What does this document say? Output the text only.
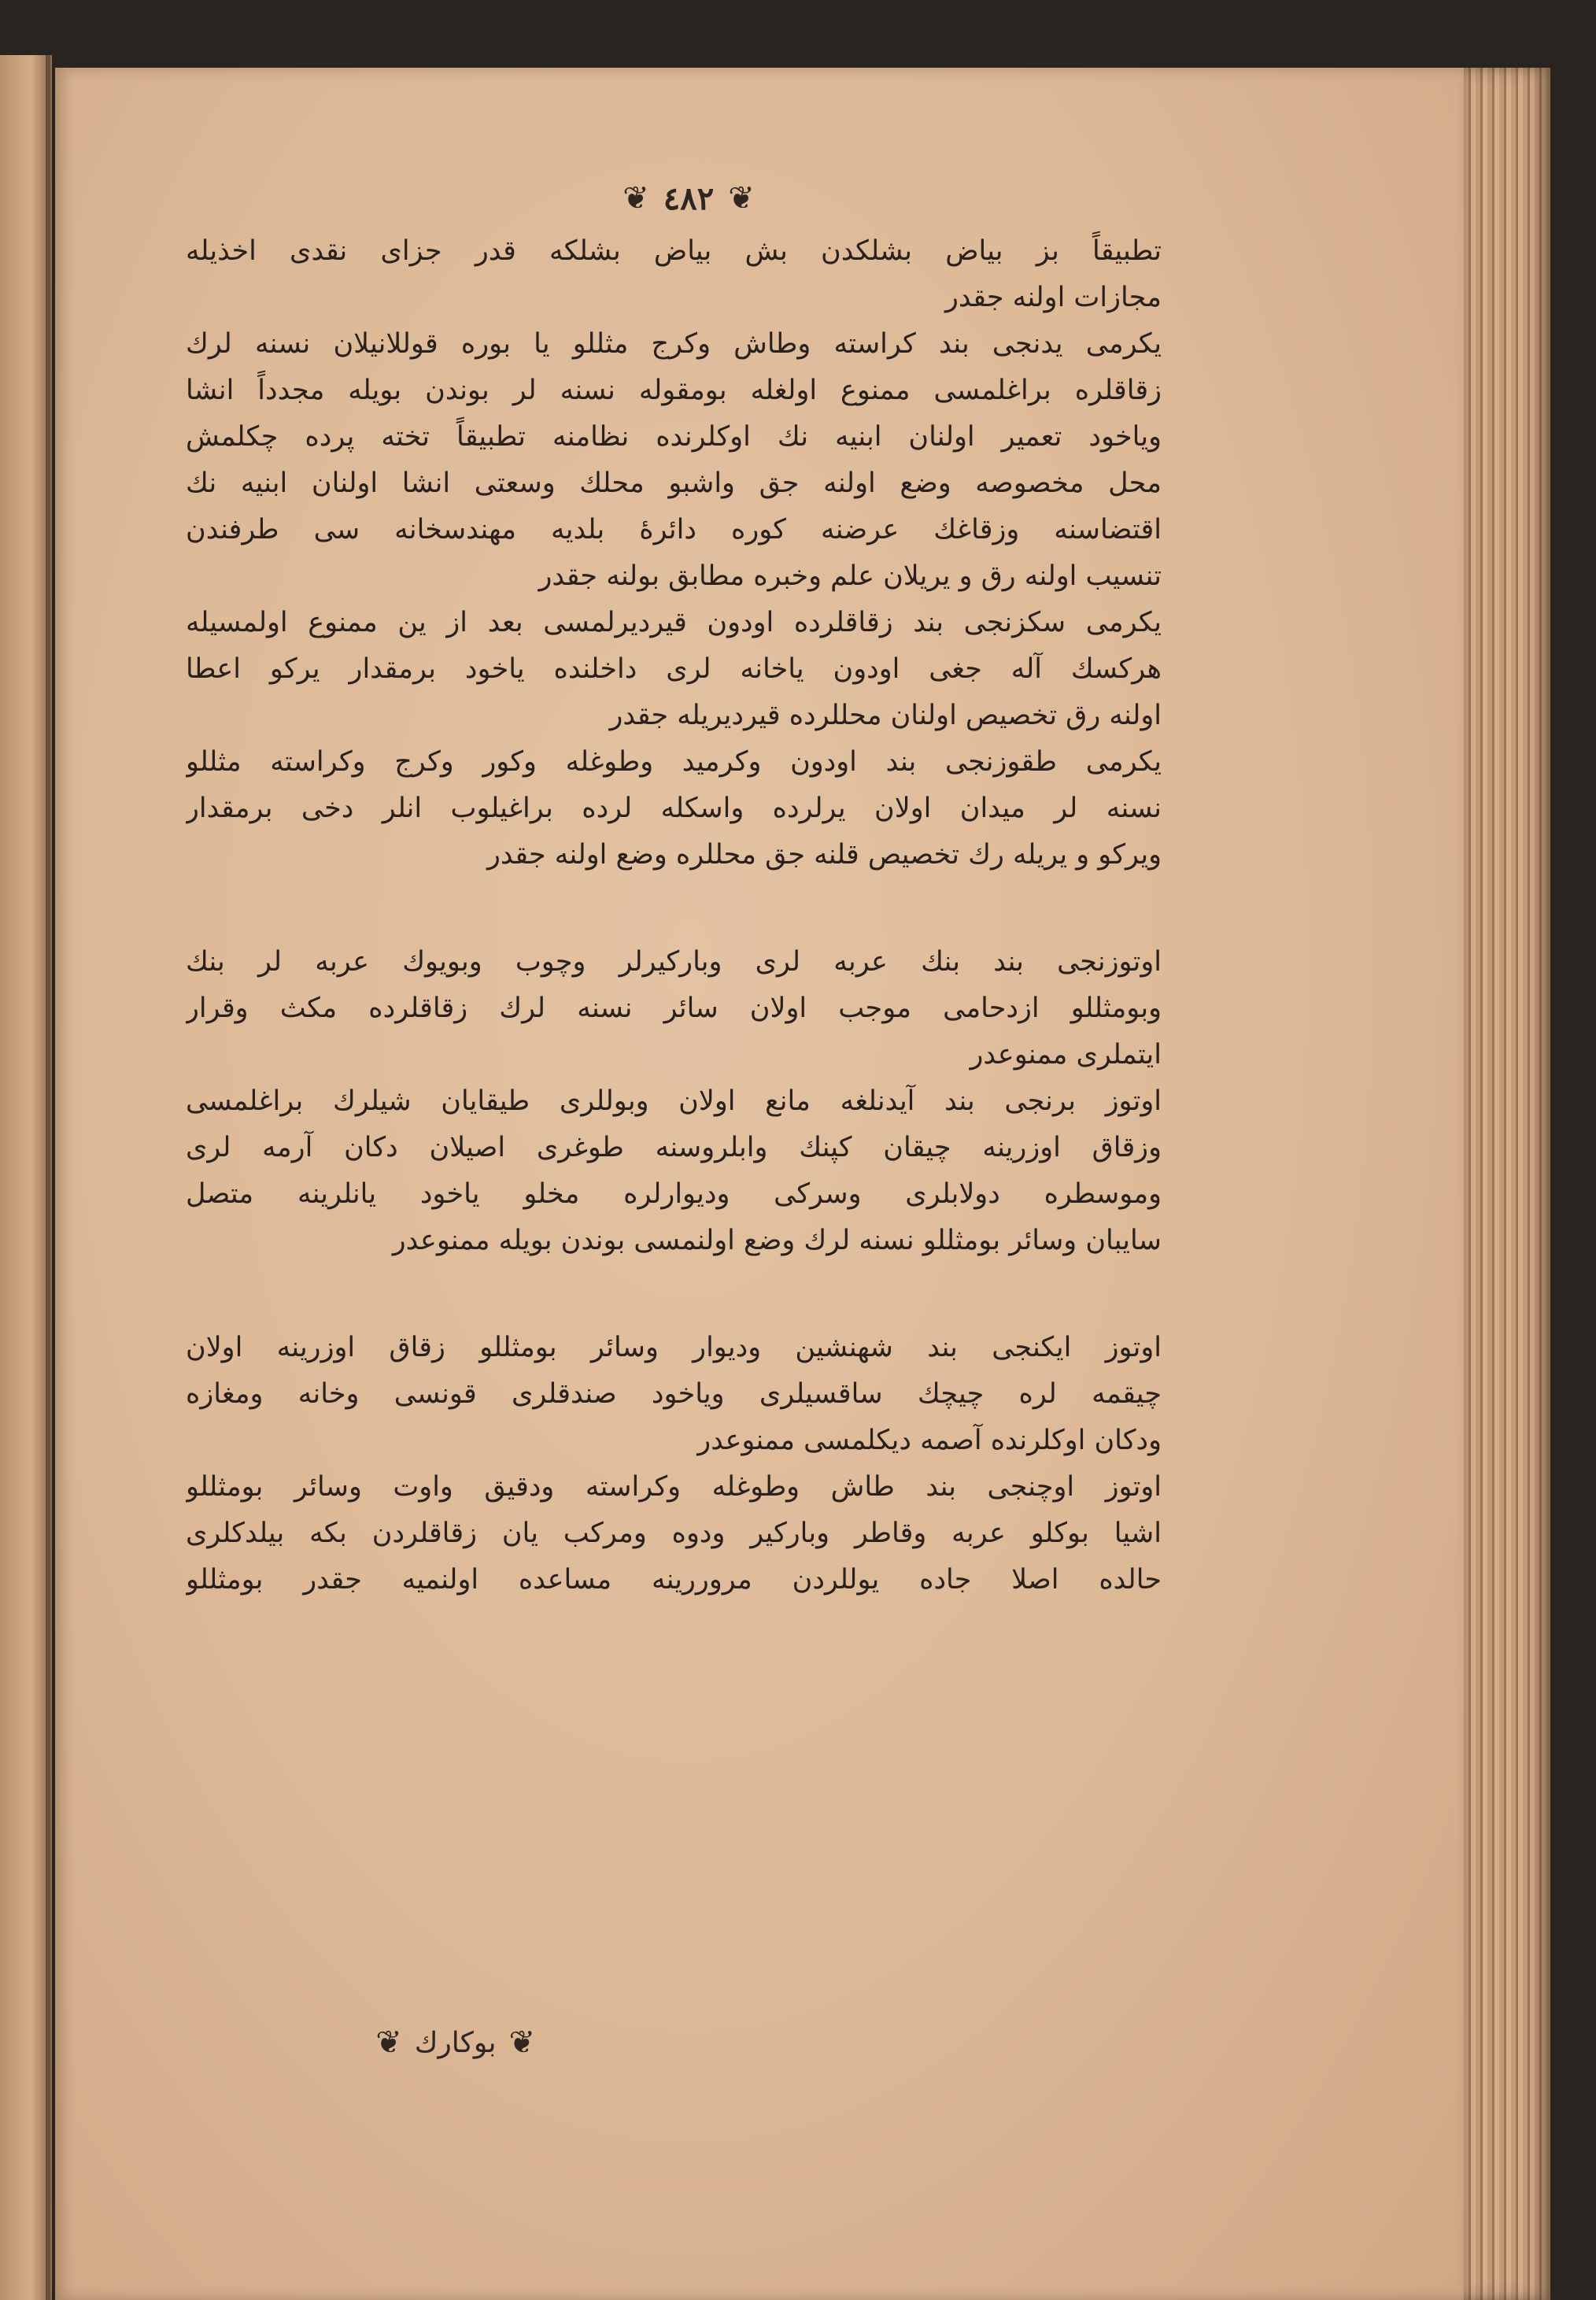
❦
٤٨٢
❦
تطبيقاً بز بياض بشلكدن بش بياض بشلكه قدر جزاى نقدى اخذيله
مجازات اولنه جقدر
يكرمى يدنجى بند كراسته وطاش وكرج مثللو يا بوره قوللانيلان نسنه لرك
زقاقلره براغلمسى ممنوع اولغله بومقوله نسنه لر بوندن بويله مجدداً انشا
وياخود تعمير اولنان ابنيه نك اوكلرنده نظامنه تطبيقاً تخته پرده چكلمش
محل مخصوصه وضع اولنه جق واشبو محلك وسعتى انشا اولنان ابنيه نك
اقتضاسنه وزقاغك عرضنه كوره دائرهٔ بلديه مهندسخانه سى طرفندن
تنسيب اولنه رق و يريلان علم وخبره مطابق بولنه جقدر
يكرمى سكزنجى بند زقاقلرده اودون قيرديرلمسى بعد از ين ممنوع اولمسيله
هركسك آله جغى اودون ياخانه لرى داخلنده ياخود برمقدار يركو اعطا
اولنه رق تخصيص اولنان محللرده قيرديريله جقدر
يكرمى طقوزنجى بند اودون وكرميد وطوغله وكور وكرج وكراسته مثللو
نسنه لر ميدان اولان يرلرده واسكله لرده براغيلوب انلر دخى برمقدار
ويركو و يريله رك تخصيص قلنه جق محللره وضع اولنه جقدر
اوتوزنجى بند بنك عربه لرى وباركيرلر وچوب وبويوك عربه لر بنك
وبومثللو ازدحامى موجب اولان سائر نسنه لرك زقاقلرده مكث وقرار
ايتملرى ممنوعدر
اوتوز برنجى بند آيدنلغه مانع اولان وبوللرى طيقايان شيلرك براغلمسى
وزقاق اوزرينه چيقان كپنك وابلروسنه طوغرى اصيلان دكان آرمه لرى
وموسطره دولابلرى وسركى وديوارلره مخلو ياخود يانلرينه متصل
سايبان وسائر بومثللو نسنه لرك وضع اولنمسى بوندن بويله ممنوعدر
اوتوز ايكنجى بند شهنشين وديوار وسائر بومثللو زقاق اوزرينه اولان
چيقمه لره چيچك ساقسيلرى وياخود صندقلرى قونسى وخانه ومغازه
ودكان اوكلرنده آصمه ديكلمسى ممنوعدر
اوتوز اوچنجى بند طاش وطوغله وكراسته ودقيق واوت وسائر بومثللو
اشيا بوكلو عربه وقاطر وباركير ودوه ومركب يان زقاقلردن بكه بيلدكلرى
حالده اصلا جاده يوللردن مروررينه مساعده اولنميه جقدر بومثللو
❦
بوكارك
❦
